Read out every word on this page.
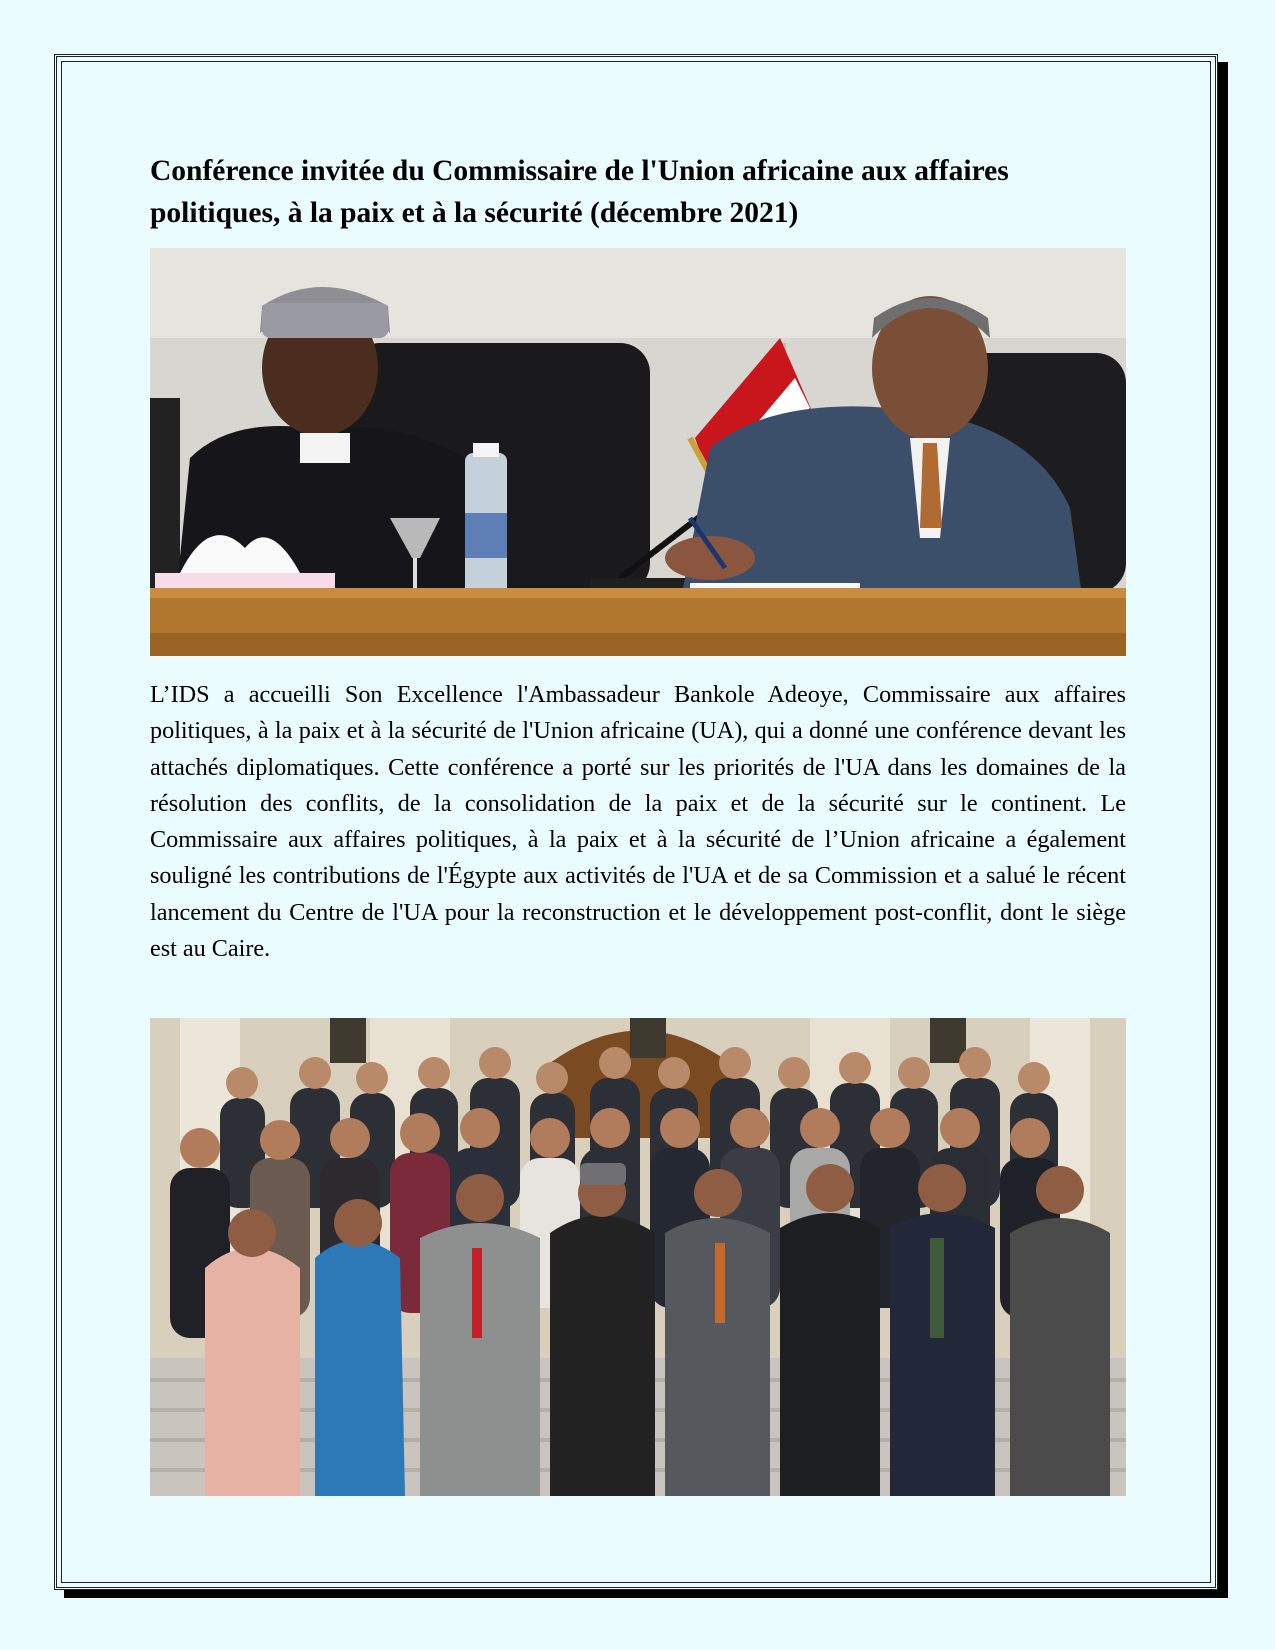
Conférence invitée du Commissaire de l'Union africaine aux affaires politiques, à la paix et à la sécurité (décembre 2021)

L’IDS a accueilli Son Excellence l'Ambassadeur Bankole Adeoye, Commissaire aux affaires politiques, à la paix et à la sécurité de l'Union africaine (UA), qui a donné une conférence devant les attachés diplomatiques. Cette conférence a porté sur les priorités de l'UA dans les domaines de la résolution des conflits, de la consolidation de la paix et de la sécurité sur le continent. Le Commissaire aux affaires politiques, à la paix et à la sécurité de l’Union africaine a également souligné les contributions de l'Égypte aux activités de l'UA et de sa Commission et a salué le récent lancement du Centre de l'UA pour la reconstruction et le développement post-conflit, dont le siège est au Caire.
